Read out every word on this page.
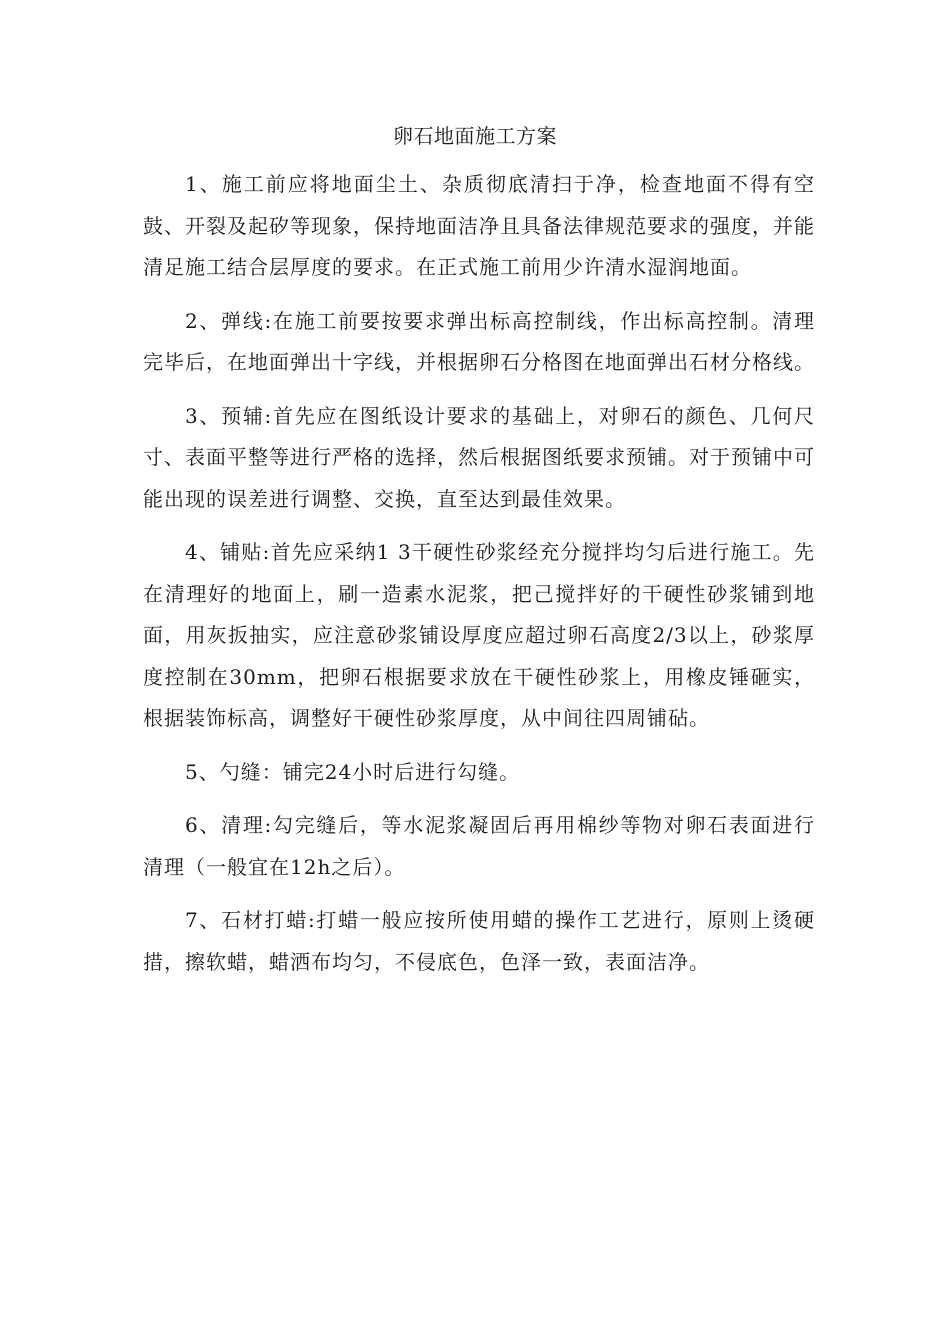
卵石地面施工方案

1、施工前应将地面尘土、杂质彻底清扫于净，检查地面不得有空鼓、开裂及起矽等现象，保持地面洁净且具备法律规范要求的强度，并能清足施工结合层厚度的要求。在正式施工前用少许清水湿润地面。

2、弹线:在施工前要按要求弹出标高控制线，作出标高控制。清理完毕后，在地面弹出十字线，并根据卵石分格图在地面弹出石材分格线。

3、预辅:首先应在图纸设计要求的基础上，对卵石的颜色、几何尺寸、表面平整等进行严格的选择，然后根据图纸要求预铺。对于预铺中可能出现的误差进行调整、交换，直至达到最佳效果。

4、铺贴:首先应采纳1 3干硬性砂浆经充分搅拌均匀后进行施工。先在清理好的地面上，刷一造素水泥浆，把己搅拌好的干硬性砂浆铺到地面，用灰扳抽实，应注意砂浆铺设厚度应超过卵石高度2/3以上，砂浆厚度控制在30mm，把卵石根据要求放在干硬性砂浆上，用橡皮锤砸实，根据装饰标高，调整好干硬性砂浆厚度，从中间往四周铺砧。

5、勺缝：铺完24小时后进行勾缝。

6、清理:勾完缝后，等水泥浆凝固后再用棉纱等物对卵石表面进行清理（一般宜在12h之后）。

7、石材打蜡:打蜡一般应按所使用蜡的操作工艺进行，原则上烫硬措，擦软蜡，蜡洒布均匀，不侵底色，色泽一致，表面洁净。
